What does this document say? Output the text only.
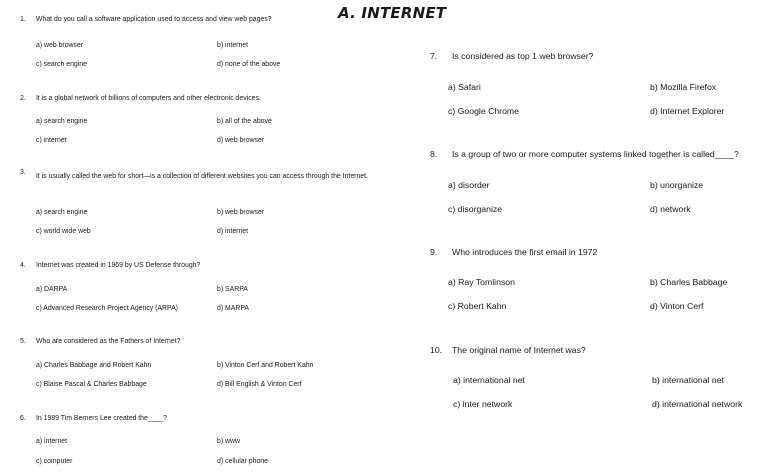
A. INTERNET
1. What do you call a software application used to access and view web pages?
a) web browser	b) internet
c) search engine	d) none of the above
2. It is a global network of billions of computers and other electronic devices.
a) search engine	b) all of the above
c) internet	d) web browser
3.It is usually called the web for short—is a collection of different websites you can access through the Internet.
a) search engine	b) web browser
c) world wide web	d) internet
4. Internet was created in 1969 by US Defense through?
a) DARPA	b) SARPA
c) Advanced Research Project Agency (ARPA)	d) MARPA
5. Who are considered as the Fathers of Internet?
a) Charles Babbage and Robert Kahn	b) Vinton Cerf and Robert Kahn
c) Blaise Pascal & Charles Babbage	d) Bill English & Vinton Cerf
6. In 1989 Tim Berners Lee created the____?
a) internet	b) www
c) computer	d) cellular phone
7. Is considered as top 1 web browser?
a) Safari	b) Mozilla Firefox
c) Google Chrome	d) Internet Explorer
8. Is a group of two or more computer systems linked together is called____?
a) disorder	b) unorganize
c) disorganize	d) network
9. Who introduces the first email in 1972
a) Ray Tomlinson	b) Charles Babbage
c) Robert Kahn	d) Vinton Cerf
10. The original name of Internet was?
a) international net	b) international net
c) inter network	d) international network
